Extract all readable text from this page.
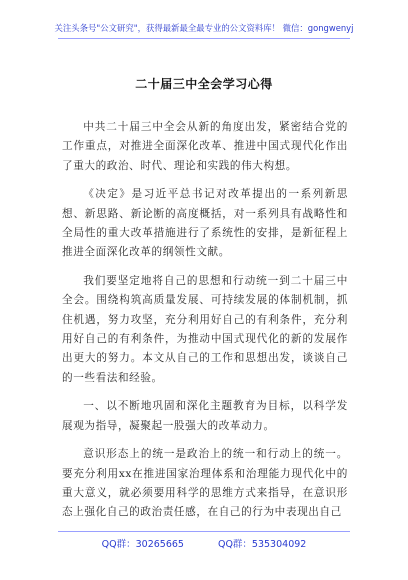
关注头条号"公文研究"，获得最新最全最专业的公文资料库！ 微信：gongwenyj
二十届三中全会学习心得

中共二十届三中全会从新的角度出发，紧密结合党的工作重点，对推进全面深化改革、推进中国式现代化作出了重大的政治、时代、理论和实践的伟大构想。

《决定》是习近平总书记对改革提出的一系列新思想、新思路、新论断的高度概括，对一系列具有战略性和全局性的重大改革措施进行了系统性的安排，是新征程上推进全面深化改革的纲领性文献。

我们要坚定地将自己的思想和行动统一到二十届三中全会。围绕构筑高质量发展、可持续发展的体制机制，抓住机遇，努力攻坚，充分利用好自己的有利条件，充分利用好自己的有利条件，为推动中国式现代化的新的发展作出更大的努力。本文从自己的工作和思想出发，谈谈自己的一些看法和经验。

一、以不断地巩固和深化主题教育为目标，以科学发展观为指导，凝聚起一股强大的改革动力。

意识形态上的统一是政治上的统一和行动上的统一。要充分利用xx在推进国家治理体系和治理能力现代化中的重大意义，就必须要用科学的思维方式来指导，在意识形态上强化自己的政治责任感，在自己的行为中表现出自己

QQ群：30265665	QQ群：535304092
